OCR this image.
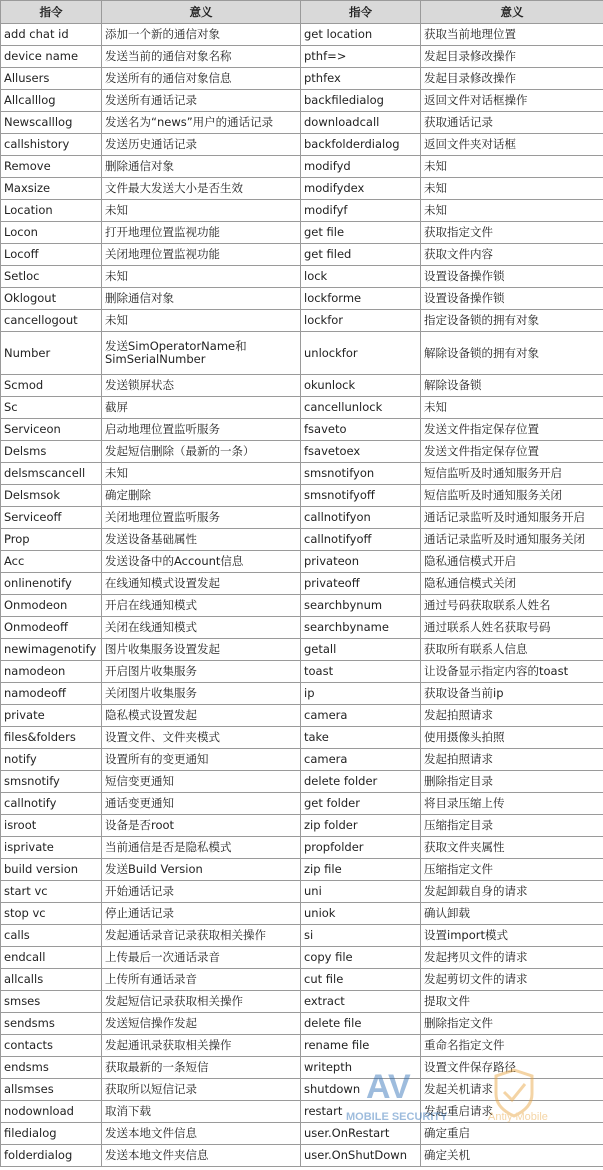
指令	意义	指令	意义
add chat id	添加一个新的通信对象	get location	获取当前地理位置
device name	发送当前的通信对象名称	pthf=>	发起目录修改操作
Allusers	发送所有的通信对象信息	pthfex	发起目录修改操作
Allcalllog	发送所有通话记录	backfiledialog	返回文件对话框操作
Newscalllog	发送名为“news”用户的通话记录	downloadcall	获取通话记录
callshistory	发送历史通话记录	backfolderdialog	返回文件夹对话框
Remove	删除通信对象	modifyd	未知
Maxsize	文件最大发送大小是否生效	modifydex	未知
Location	未知	modifyf	未知
Locon	打开地理位置监视功能	get file	获取指定文件
Locoff	关闭地理位置监视功能	get filed	获取文件内容
Setloc	未知	lock	设置设备操作锁
Oklogout	删除通信对象	lockforme	设置设备操作锁
cancellogout	未知	lockfor	指定设备锁的拥有对象
Number	发送SimOperatorName和SimSerialNumber	unlockfor	解除设备锁的拥有对象
Scmod	发送锁屏状态	okunlock	解除设备锁
Sc	截屏	cancellunlock	未知
Serviceon	启动地理位置监听服务	fsaveto	发送文件指定保存位置
Delsms	发起短信删除（最新的一条）	fsavetoex	发送文件指定保存位置
delsmscancell	未知	smsnotifyon	短信监听及时通知服务开启
Delsmsok	确定删除	smsnotifyoff	短信监听及时通知服务关闭
Serviceoff	关闭地理位置监听服务	callnotifyon	通话记录监听及时通知服务开启
Prop	发送设备基础属性	callnotifyoff	通话记录监听及时通知服务关闭
Acc	发送设备中的Account信息	privateon	隐私通信模式开启
onlinenotify	在线通知模式设置发起	privateoff	隐私通信模式关闭
Onmodeon	开启在线通知模式	searchbynum	通过号码获取联系人姓名
Onmodeoff	关闭在线通知模式	searchbyname	通过联系人姓名获取号码
newimagenotify	图片收集服务设置发起	getall	获取所有联系人信息
namodeon	开启图片收集服务	toast	让设备显示指定内容的toast
namodeoff	关闭图片收集服务	ip	获取设备当前ip
private	隐私模式设置发起	camera	发起拍照请求
files&folders	设置文件、文件夹模式	take	使用摄像头拍照
notify	设置所有的变更通知	camera	发起拍照请求
smsnotify	短信变更通知	delete folder	删除指定目录
callnotify	通话变更通知	get folder	将目录压缩上传
isroot	设备是否root	zip folder	压缩指定目录
isprivate	当前通信是否是隐私模式	propfolder	获取文件夹属性
build version	发送Build Version	zip file	压缩指定文件
start vc	开始通话记录	uni	发起卸载自身的请求
stop vc	停止通话记录	uniok	确认卸载
calls	发起通话录音记录获取相关操作	si	设置import模式
endcall	上传最后一次通话录音	copy file	发起拷贝文件的请求
allcalls	上传所有通话录音	cut file	发起剪切文件的请求
smses	发起短信记录获取相关操作	extract	提取文件
sendsms	发送短信操作发起	delete file	删除指定文件
contacts	发起通讯录获取相关操作	rename file	重命名指定文件
endsms	获取最新的一条短信	writepth	设置文件保存路径
allsmses	获取所以短信记录	shutdown	发起关机请求
nodownload	取消下载	restart	发起重启请求
filedialog	发送本地文件信息	user.OnRestart	确定重启
folderdialog	发送本地文件夹信息	user.OnShutDown	确定关机
AV
MOBILE SECURITY	Antiy Mobile
